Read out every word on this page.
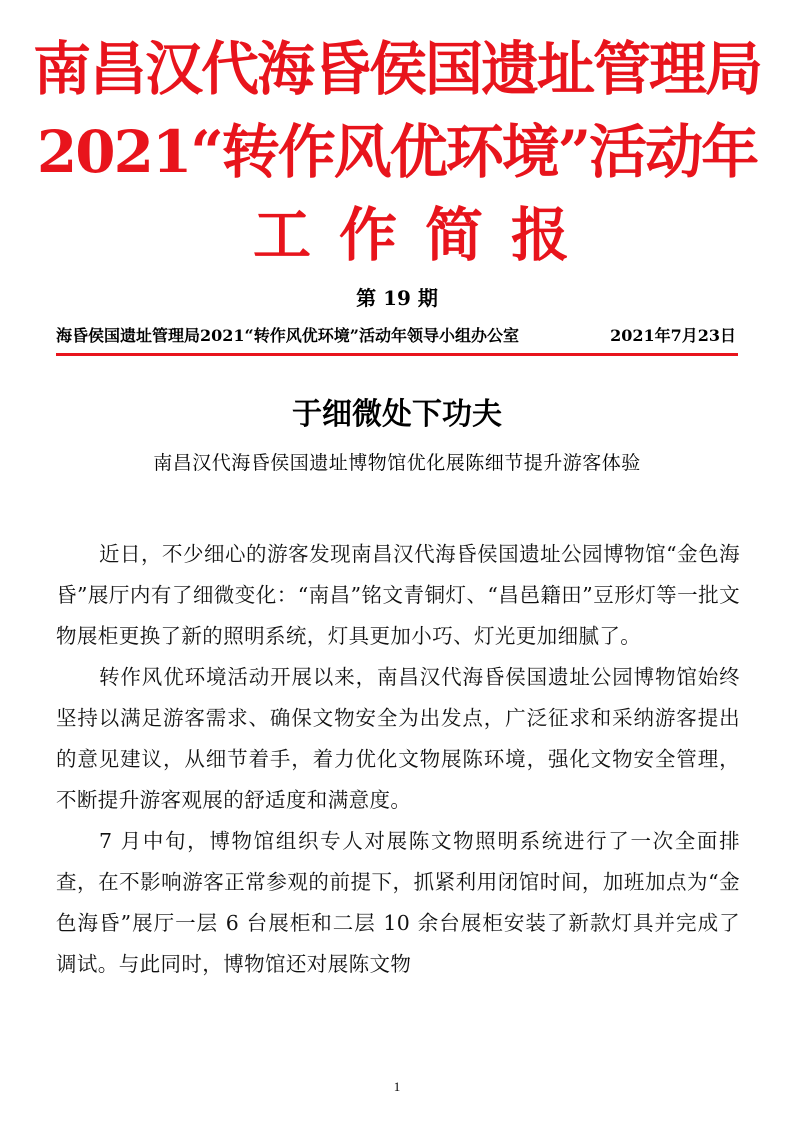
南昌汉代海昏侯国遗址管理局
2021“转作风优环境”活动年
工作简报
第 19 期
海昏侯国遗址管理局2021“转作风优环境”活动年领导小组办公室	2021年7月23日
于细微处下功夫
南昌汉代海昏侯国遗址博物馆优化展陈细节提升游客体验

近日，不少细心的游客发现南昌汉代海昏侯国遗址公园博物馆“金色海昏”展厅内有了细微变化：“南昌”铭文青铜灯、“昌邑籍田”豆形灯等一批文物展柜更换了新的照明系统，灯具更加小巧、灯光更加细腻了。

转作风优环境活动开展以来，南昌汉代海昏侯国遗址公园博物馆始终坚持以满足游客需求、确保文物安全为出发点，广泛征求和采纳游客提出的意见建议，从细节着手，着力优化文物展陈环境，强化文物安全管理，不断提升游客观展的舒适度和满意度。

7 月中旬，博物馆组织专人对展陈文物照明系统进行了一次全面排查，在不影响游客正常参观的前提下，抓紧利用闭馆时间，加班加点为“金色海昏”展厅一层 6 台展柜和二层 10 余台展柜安装了新款灯具并完成了调试。与此同时，博物馆还对展陈文物

1
